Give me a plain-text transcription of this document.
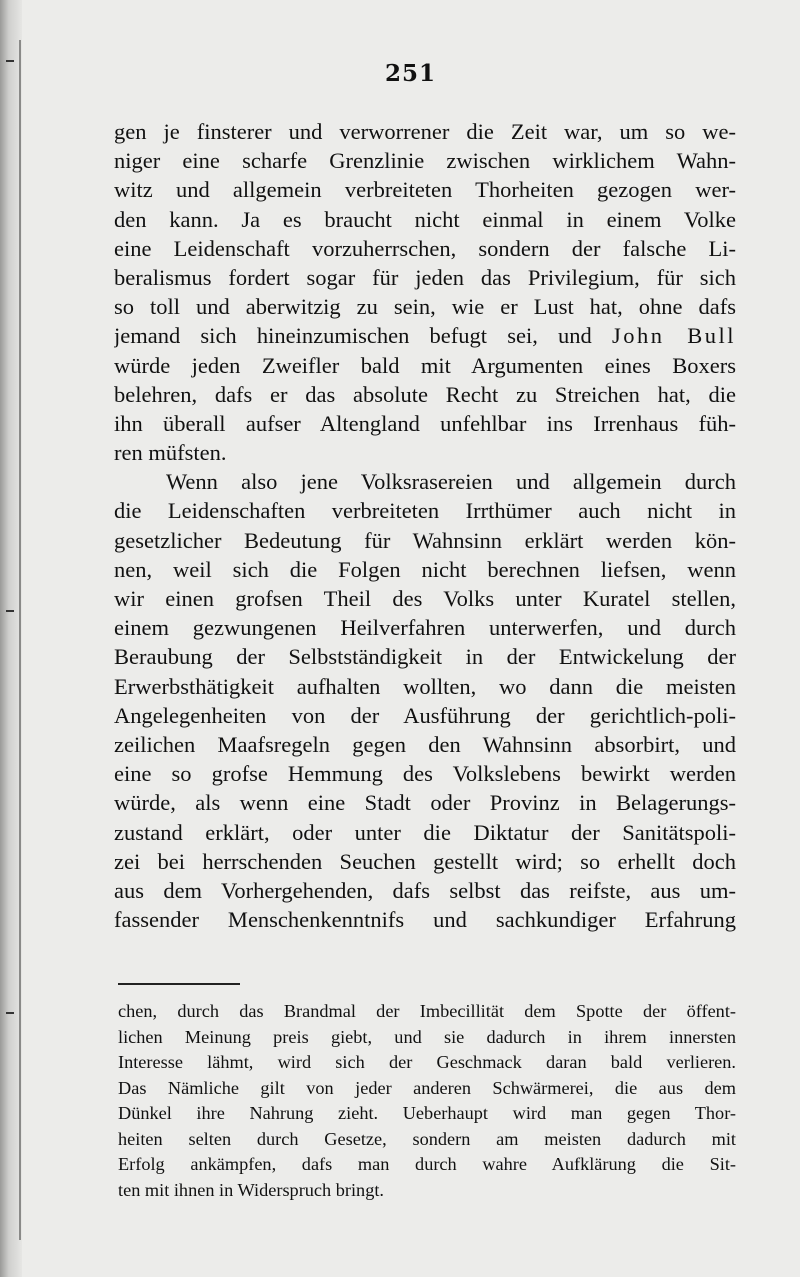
251
gen je finsterer und verworrener die Zeit war, um so we-
niger eine scharfe Grenzlinie zwischen wirklichem Wahn-
witz und allgemein verbreiteten Thorheiten gezogen wer-
den kann. Ja es braucht nicht einmal in einem Volke
eine Leidenschaft vorzuherrschen, sondern der falsche Li-
beralismus fordert sogar für jeden das Privilegium, für sich
so toll und aberwitzig zu sein, wie er Lust hat, ohne dafs
jemand sich hineinzumischen befugt sei, und John Bull
würde jeden Zweifler bald mit Argumenten eines Boxers
belehren, dafs er das absolute Recht zu Streichen hat, die
ihn überall aufser Altengland unfehlbar ins Irrenhaus füh-
ren müfsten.
Wenn also jene Volksrasereien und allgemein durch
die Leidenschaften verbreiteten Irrthümer auch nicht in
gesetzlicher Bedeutung für Wahnsinn erklärt werden kön-
nen, weil sich die Folgen nicht berechnen liefsen, wenn
wir einen grofsen Theil des Volks unter Kuratel stellen,
einem gezwungenen Heilverfahren unterwerfen, und durch
Beraubung der Selbstständigkeit in der Entwickelung der
Erwerbsthätigkeit aufhalten wollten, wo dann die meisten
Angelegenheiten von der Ausführung der gerichtlich-poli-
zeilichen Maafsregeln gegen den Wahnsinn absorbirt, und
eine so grofse Hemmung des Volkslebens bewirkt werden
würde, als wenn eine Stadt oder Provinz in Belagerungs-
zustand erklärt, oder unter die Diktatur der Sanitätspoli-
zei bei herrschenden Seuchen gestellt wird; so erhellt doch
aus dem Vorhergehenden, dafs selbst das reifste, aus um-
fassender Menschenkenntnifs und sachkundiger Erfahrung
chen, durch das Brandmal der Imbecillität dem Spotte der öffent-
lichen Meinung preis giebt, und sie dadurch in ihrem innersten
Interesse lähmt, wird sich der Geschmack daran bald verlieren.
Das Nämliche gilt von jeder anderen Schwärmerei, die aus dem
Dünkel ihre Nahrung zieht. Ueberhaupt wird man gegen Thor-
heiten selten durch Gesetze, sondern am meisten dadurch mit
Erfolg ankämpfen, dafs man durch wahre Aufklärung die Sit-
ten mit ihnen in Widerspruch bringt.
